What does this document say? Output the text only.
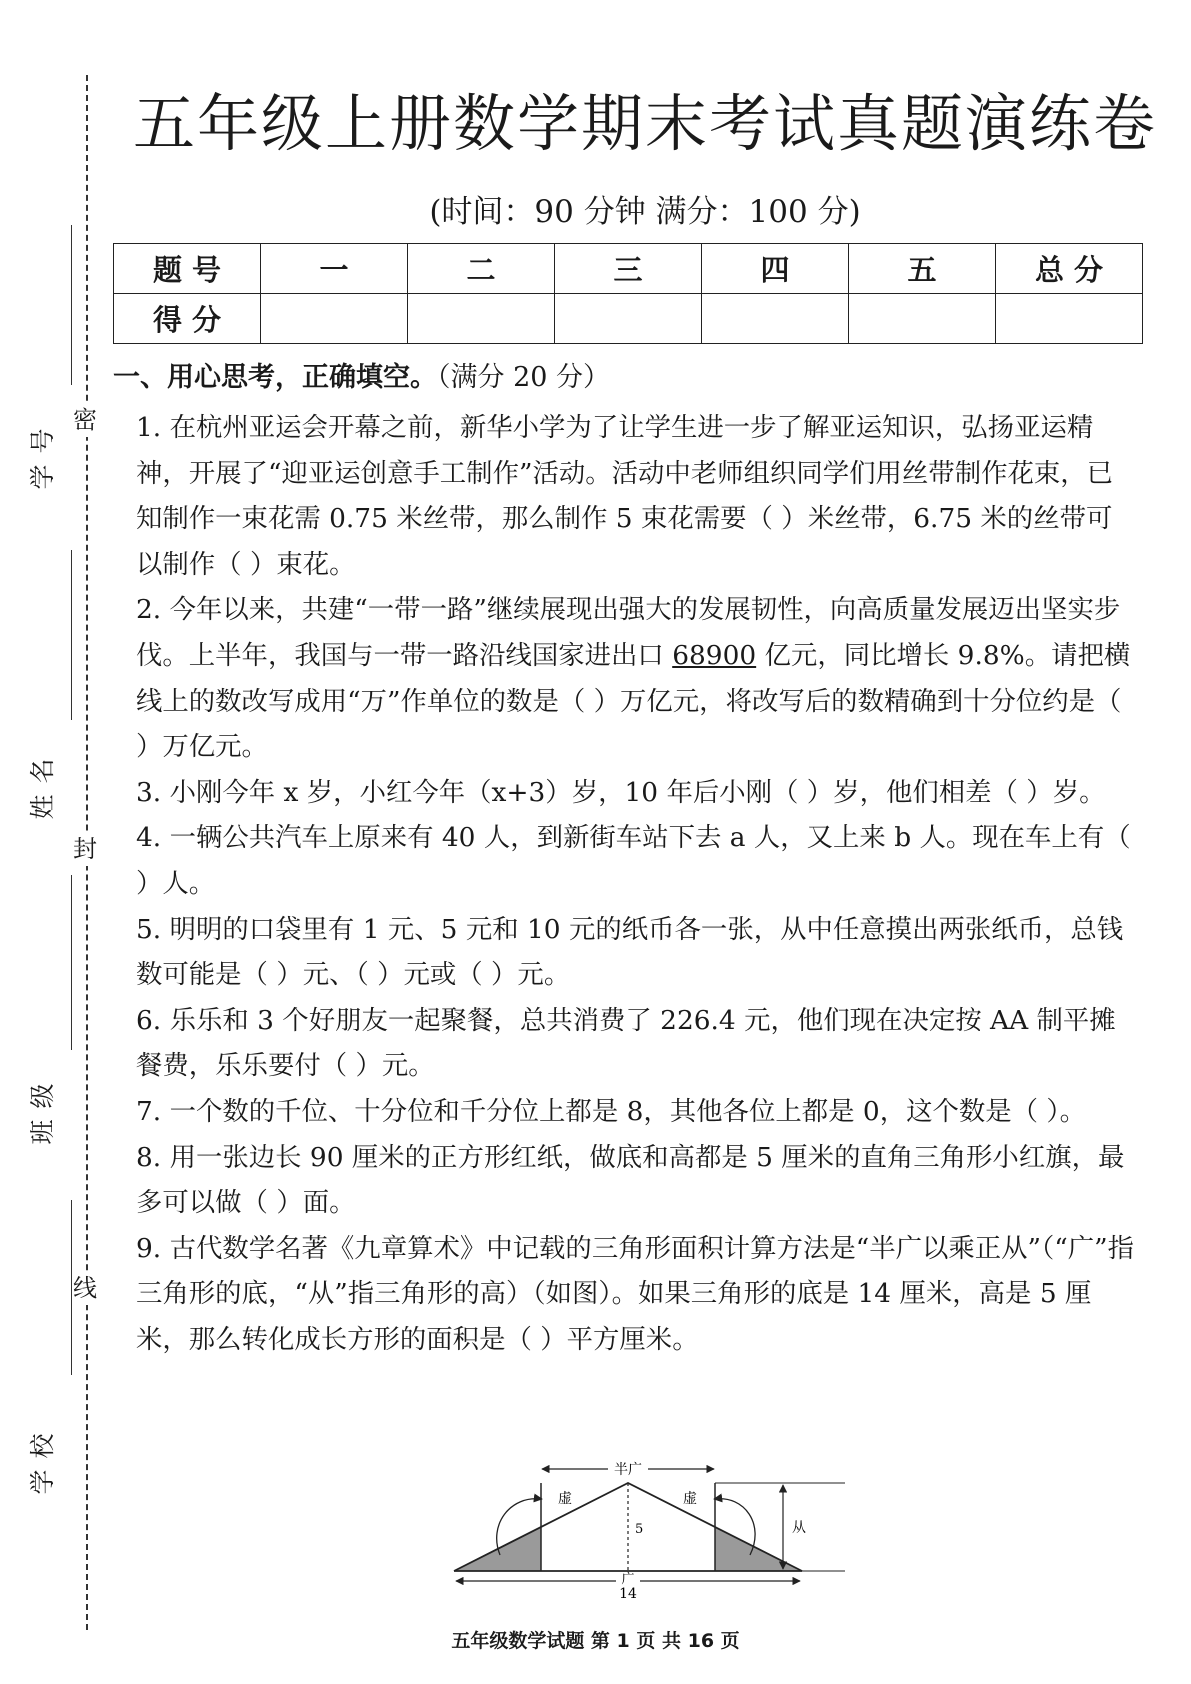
密
封
线
号
学
名
姓
级
班
校
学
五年级上册数学期末考试真题演练卷
(时间：90 分钟 满分：100 分)
题 号	一	二	三	四	五	总 分
得 分						
一、用心思考，正确填空。（满分 20 分）

1. 在杭州亚运会开幕之前，新华小学为了让学生进一步了解亚运知识，弘扬亚运精神，开展了“迎亚运创意手工制作”活动。活动中老师组织同学们用丝带制作花束，已知制作一束花需 0.75 米丝带，那么制作 5 束花需要（ ）米丝带，6.75 米的丝带可以制作（ ）束花。

2. 今年以来，共建“一带一路”继续展现出强大的发展韧性，向高质量发展迈出坚实步伐。上半年，我国与一带一路沿线国家进出口 68900 亿元，同比增长 9.8%。请把横线上的数改写成用“万”作单位的数是（ ）万亿元，将改写后的数精确到十分位约是（ ）万亿元。

3. 小刚今年 x 岁，小红今年（x+3）岁，10 年后小刚（ ）岁，他们相差（ ）岁。

4. 一辆公共汽车上原来有 40 人，到新街车站下去 a 人，又上来 b 人。现在车上有（ ）人。

5. 明明的口袋里有 1 元、5 元和 10 元的纸币各一张，从中任意摸出两张纸币，总钱数可能是（ ）元、（ ）元或（ ）元。

6. 乐乐和 3 个好朋友一起聚餐，总共消费了 226.4 元，他们现在决定按 AA 制平摊餐费，乐乐要付（ ）元。

7. 一个数的千位、十分位和千分位上都是 8，其他各位上都是 0，这个数是（ ）。

8. 用一张边长 90 厘米的正方形红纸，做底和高都是 5 厘米的直角三角形小红旗，最多可以做（ ）面。

9. 古代数学名著《九章算术》中记载的三角形面积计算方法是“半广以乘正从”（“广”指三角形的底，“从”指三角形的高）（如图）。如果三角形的底是 14 厘米，高是 5 厘米，那么转化成长方形的面积是（ ）平方厘米。

半广
虚	虚
5	从
广
14
五年级数学试题 第 1 页 共 16 页
